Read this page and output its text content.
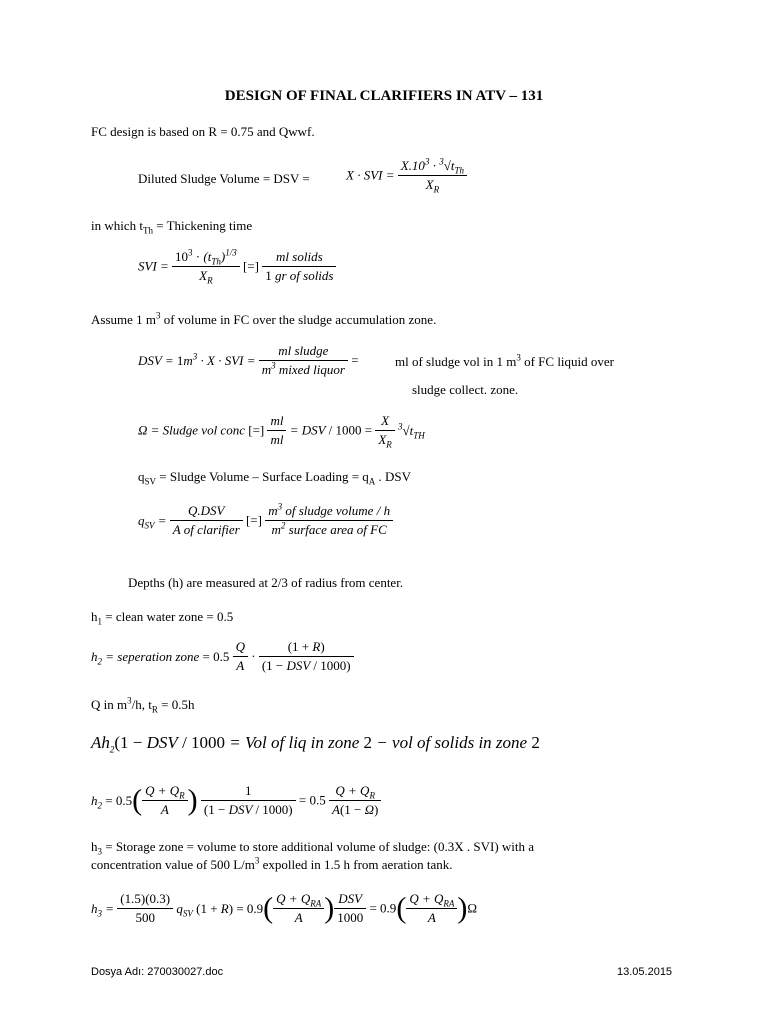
DESIGN OF FINAL CLARIFIERS IN ATV – 131
FC design is based on R = 0.75 and Qwwf.
Diluted Sludge Volume = DSV =	X · SVI = $\frac{X.10^3 \cdot ^3√t_{Th}}{X_R}$
in which $t_{Th}$ = Thickening time
SVI = $\frac{10^3 \cdot (t_{Th})^{1/3}}{X_R}$ [=] $\frac{\text{ml solids}}{\text{1 gr of solids}}$
Assume 1 $m^3$ of volume in FC over the sludge accumulation zone.
DSV = $1m^3 \cdot X$ · SVI = $\frac{\text{ml sludge}}{m^3 mixed liquor}$ =	ml of sludge vol in 1 $m^3$ of FC liquid over
sludge collect. zone.
Ω = Sludge vol conc [=] $\frac{ml}{ml}$ = DSV / $1000 = \frac{X}{X_R} ^3√t_{TH}$
$q_{SV}$ = Sludge Volume – Surface Loading = $q_A$ . DSV
$q_{SV} = \frac{\text{Q.DSV}}{\text{A of clarifier}}$ [=] $\frac{m^3 of sludge volume / h}{m^2 surface area of FC}$
Depths (h) are measured at 2/3 of radius from center.
$h_1$ = clean water zone = 0.5
$h_2$ = seperation zone = $0.5 \frac{Q}{A} \cdot \frac{(1 + R)}{\text{(1 − DSV / 1000)}}$
Q in $m^3/h$, $t_R = 0.5h$
$Ah_2(1$ − DSV / 1000 = Vol of liq in zone 2 − vol of solids in zone 2
$h_2 = 0.5( \frac{Q + Q_R}{A}$ ) $\frac{1}{\text{(1 − DSV / 1000)}} = 0.5 \frac{Q + Q_R}{A(1 - \Omega)}$
$h_3$ = Storage zone = volume to store additional volume of sludge: (0.3X . SVI) with a
concentration value of 500 $L/m^3$ expolled in 1.5 h from aeration tank.
$h_3 = \frac{(1.5)(0.3)}{500} q_{SV}$ $(1 + R) = 0.9( \frac{Q + Q_{RA}}{A}$ ) $\frac{\text{DSV}}{1000} = 0.9( \frac{Q + Q_{RA}}{A} )\Omega$
Dosya Adı: 270030027.doc	13.05.2015
